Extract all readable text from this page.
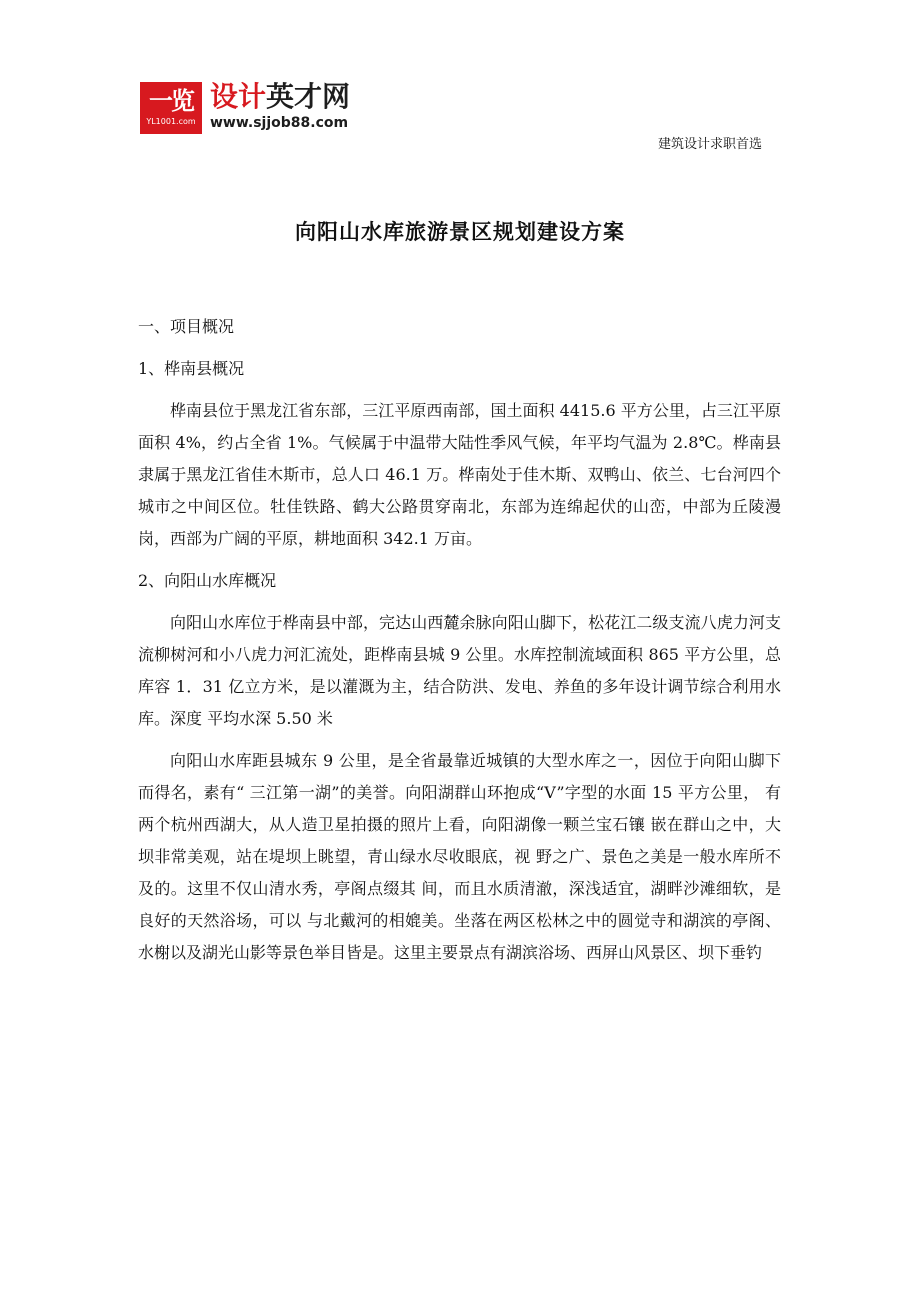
一览
YL1001.com
设计英才网
www.sjjob88.com
建筑设计求职首选
向阳山水库旅游景区规划建设方案

一、项目概况

1、桦南县概况

桦南县位于黑龙江省东部，三江平原西南部，国土面积 4415.6 平方公里，占三江平原面积 4%，约占全省 1%。气候属于中温带大陆性季风气候，年平均气温为 2.8℃。桦南县隶属于黑龙江省佳木斯市，总人口 46.1 万。桦南处于佳木斯、双鸭山、依兰、七台河四个城市之中间区位。牡佳铁路、鹤大公路贯穿南北，东部为连绵起伏的山峦，中部为丘陵漫岗，西部为广阔的平原，耕地面积 342.1 万亩。

2、向阳山水库概况

向阳山水库位于桦南县中部，完达山西麓余脉向阳山脚下，松花江二级支流八虎力河支流柳树河和小八虎力河汇流处，距桦南县城 9 公里。水库控制流域面积 865 平方公里，总库容 1．31 亿立方米，是以灌溉为主，结合防洪、发电、养鱼的多年设计调节综合利用水库。深度 平均水深 5.50 米

向阳山水库距县城东 9 公里，是全省最靠近城镇的大型水库之一，因位于向阳山脚下而得名，素有“ 三江第一湖”的美誉。向阳湖群山环抱成“V”字型的水面 15 平方公里， 有两个杭州西湖大，从人造卫星拍摄的照片上看，向阳湖像一颗兰宝石镶 嵌在群山之中，大坝非常美观，站在堤坝上眺望，青山绿水尽收眼底，视 野之广、景色之美是一般水库所不及的。这里不仅山清水秀，亭阁点缀其 间，而且水质清澈，深浅适宜，湖畔沙滩细软，是良好的天然浴场，可以 与北戴河的相媲美。坐落在两区松林之中的圆觉寺和湖滨的亭阁、水榭以及湖光山影等景色举目皆是。这里主要景点有湖滨浴场、西屏山风景区、坝下垂钓
